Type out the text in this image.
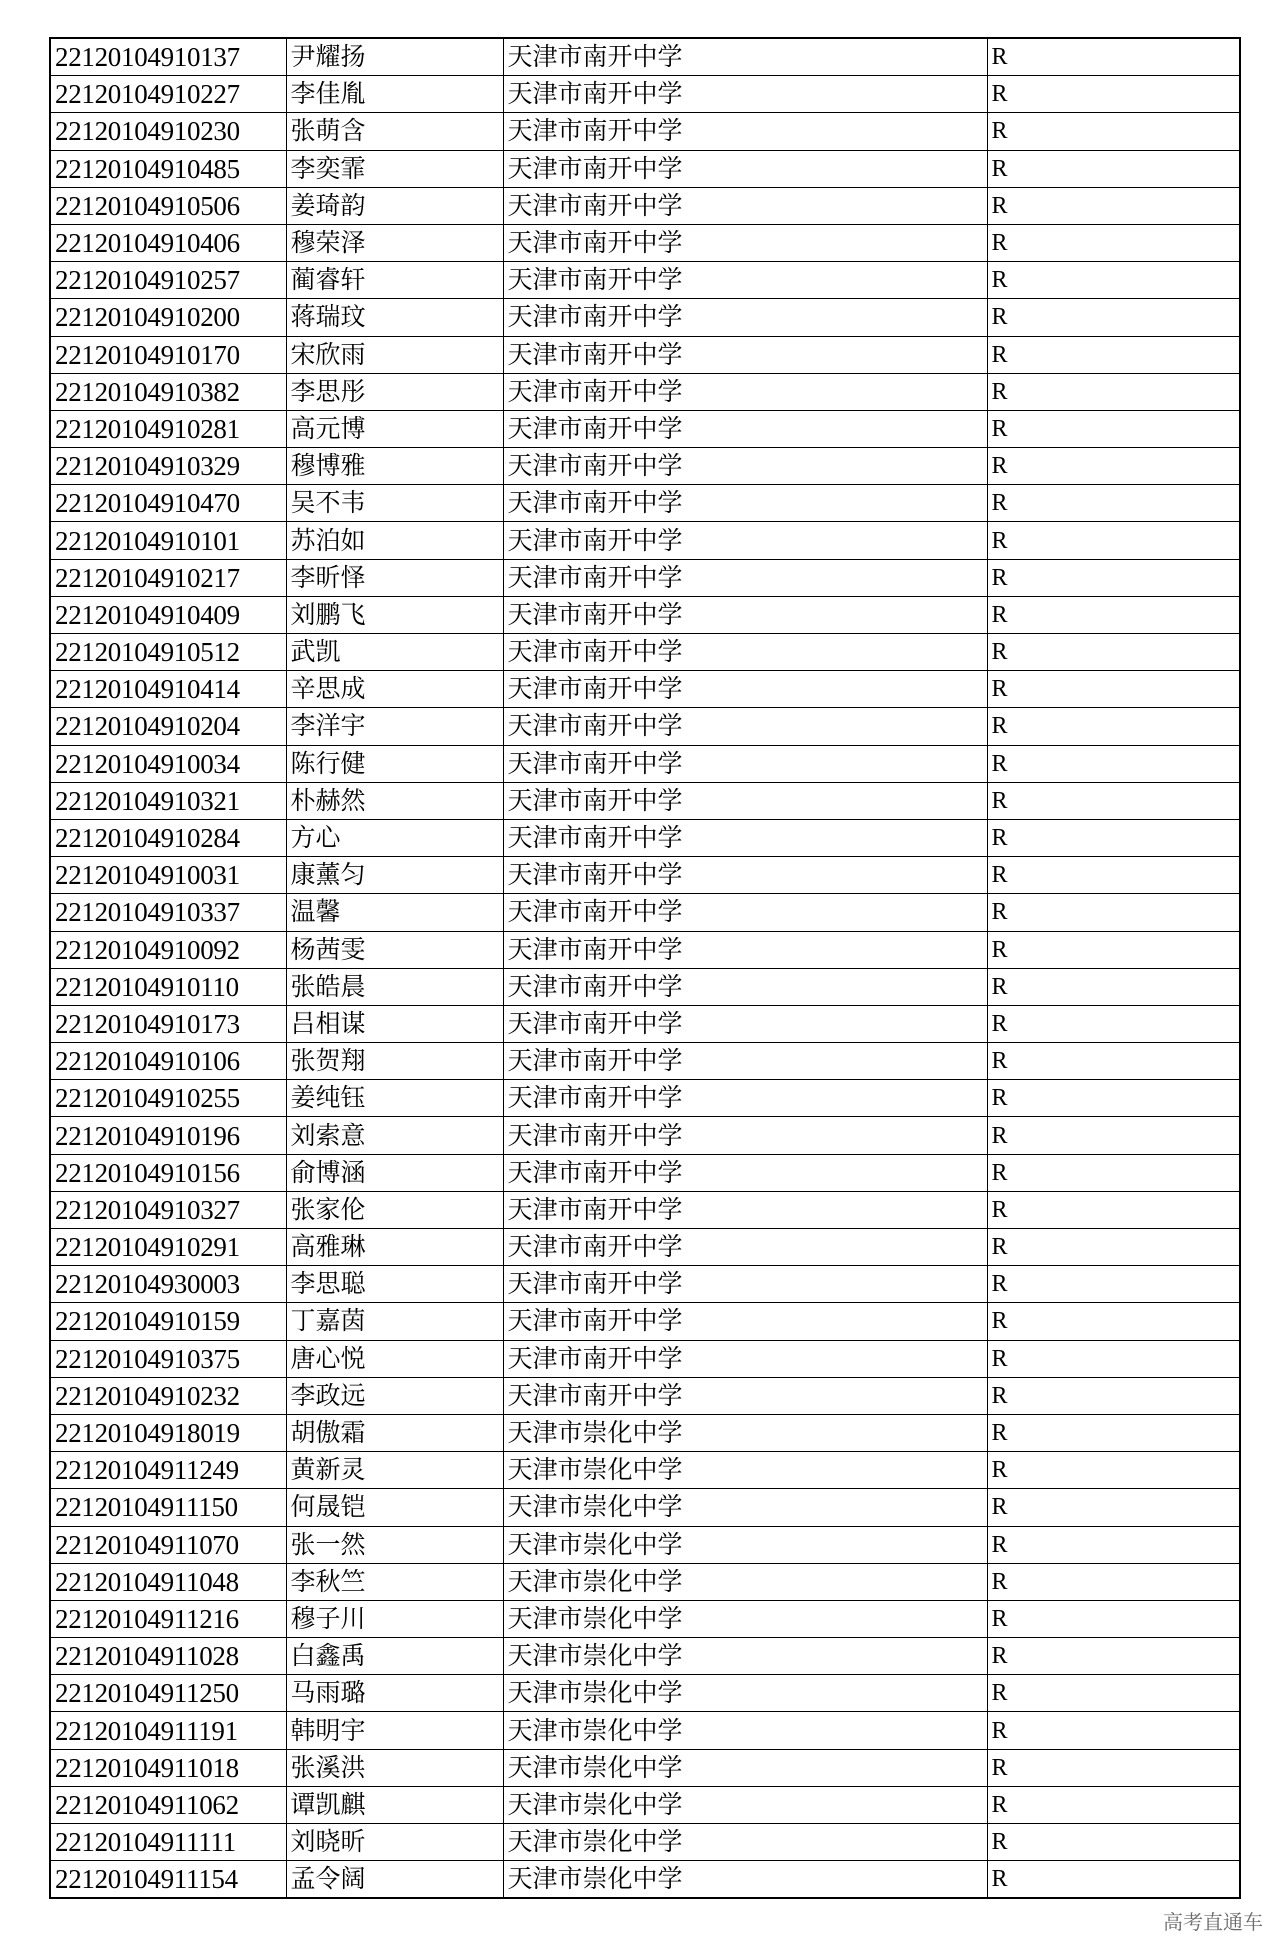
22120104910137	尹耀扬	天津市南开中学	R
22120104910227	李佳胤	天津市南开中学	R
22120104910230	张萌含	天津市南开中学	R
22120104910485	李奕霏	天津市南开中学	R
22120104910506	姜琦韵	天津市南开中学	R
22120104910406	穆荣泽	天津市南开中学	R
22120104910257	蔺睿轩	天津市南开中学	R
22120104910200	蒋瑞玟	天津市南开中学	R
22120104910170	宋欣雨	天津市南开中学	R
22120104910382	李思彤	天津市南开中学	R
22120104910281	高元博	天津市南开中学	R
22120104910329	穆博雅	天津市南开中学	R
22120104910470	吴不韦	天津市南开中学	R
22120104910101	苏泊如	天津市南开中学	R
22120104910217	李昕怿	天津市南开中学	R
22120104910409	刘鹏飞	天津市南开中学	R
22120104910512	武凯	天津市南开中学	R
22120104910414	辛思成	天津市南开中学	R
22120104910204	李洋宇	天津市南开中学	R
22120104910034	陈行健	天津市南开中学	R
22120104910321	朴赫然	天津市南开中学	R
22120104910284	方心	天津市南开中学	R
22120104910031	康薰匀	天津市南开中学	R
22120104910337	温馨	天津市南开中学	R
22120104910092	杨茜雯	天津市南开中学	R
22120104910110	张皓晨	天津市南开中学	R
22120104910173	吕相谋	天津市南开中学	R
22120104910106	张贺翔	天津市南开中学	R
22120104910255	姜纯钰	天津市南开中学	R
22120104910196	刘索意	天津市南开中学	R
22120104910156	俞博涵	天津市南开中学	R
22120104910327	张家伦	天津市南开中学	R
22120104910291	高雅琳	天津市南开中学	R
22120104930003	李思聪	天津市南开中学	R
22120104910159	丁嘉茵	天津市南开中学	R
22120104910375	唐心悦	天津市南开中学	R
22120104910232	李政远	天津市南开中学	R
22120104918019	胡傲霜	天津市崇化中学	R
22120104911249	黄新灵	天津市崇化中学	R
22120104911150	何晟铠	天津市崇化中学	R
22120104911070	张一然	天津市崇化中学	R
22120104911048	李秋竺	天津市崇化中学	R
22120104911216	穆子川	天津市崇化中学	R
22120104911028	白鑫禹	天津市崇化中学	R
22120104911250	马雨璐	天津市崇化中学	R
22120104911191	韩明宇	天津市崇化中学	R
22120104911018	张溪洪	天津市崇化中学	R
22120104911062	谭凯麒	天津市崇化中学	R
22120104911111	刘晓昕	天津市崇化中学	R
22120104911154	孟令阔	天津市崇化中学	R
高考直通车
